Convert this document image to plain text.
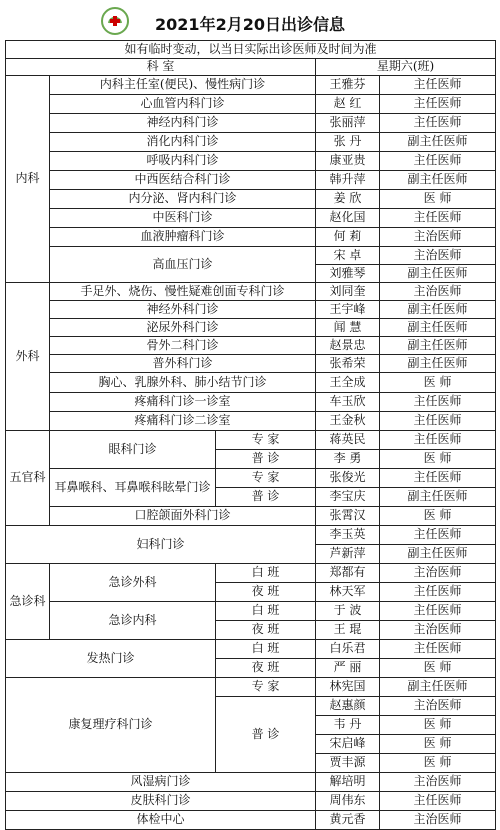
2021年2月20日出诊信息
如有临时变动，以当日实际出诊医师及时间为准				
科 室			星期六(班)	
内科	内科主任室(便民)、慢性病门诊		王雅芬	主任医师
	心血管内科门诊		赵 红	主任医师
	神经内科门诊		张丽萍	主任医师
	消化内科门诊		张 丹	副主任医师
	呼吸内科门诊		康亚贵	主任医师
	中西医结合科门诊		韩升萍	副主任医师
	内分泌、肾内科门诊		姜 欣	医 师
	中医科门诊		赵化国	主任医师
	血液肿瘤科门诊		何 莉	主治医师
	高血压门诊		宋 卓	主治医师
			刘雅琴	副主任医师
外科	手足外、烧伤、慢性疑难创面专科门诊		刘同奎	主治医师
	神经外科门诊		王宇峰	副主任医师
	泌尿外科门诊		闻 慧	副主任医师
	骨外二科门诊		赵景忠	副主任医师
	普外科门诊		张希荣	副主任医师
	胸心、乳腺外科、肺小结节门诊		王全成	医 师
	疼痛科门诊一诊室		车玉欣	主任医师
	疼痛科门诊二诊室		王金秋	主任医师
五官科	眼科门诊	专 家	蒋英民	主任医师
		普 诊	李 勇	医 师
	耳鼻喉科、耳鼻喉科眩晕门诊	专 家	张俊光	主任医师
		普 诊	李宝庆	副主任医师
	口腔颌面外科门诊		张霄汉	医 师
妇科门诊			李玉英	主任医师
			芦新萍	副主任医师
急诊科	急诊外科	白 班	郑都有	主治医师
		夜 班	林天军	主任医师
	急诊内科	白 班	于 波	主任医师
		夜 班	王 琨	主治医师
发热门诊		白 班	白乐君	主任医师
		夜 班	严 丽	医 师
康复理疗科门诊		专 家	林宪国	副主任医师
		普 诊	赵惠颜	主治医师
			韦 丹	医 师
			宋启峰	医 师
			贾丰源	医 师
风湿病门诊			解培明	主治医师
皮肤科门诊			周伟东	主任医师
体检中心			黄元香	主治医师
